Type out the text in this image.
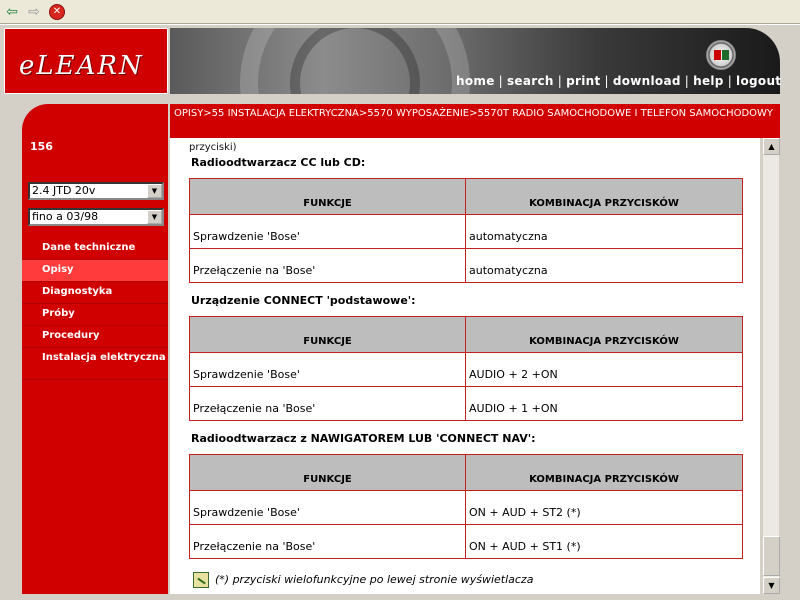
⇦ ⇨	✕
eLEARN	home | search | print | download | help | logout
OPISY>55 INSTALACJA ELEKTRYCZNA>5570 WYPOSAŻENIE>5570T RADIO SAMOCHODOWE I TELEFON SAMOCHODOWY
156
2.4 JTD 20v	▼
fino a 03/98	▼
Dane techniczne
Opisy
Diagnostyka
Próby
Procedury
Instalacja elektryczna
przyciski)
Radioodtwarzacz CC lub CD:
FUNKCJE	KOMBINACJA PRZYCISKÓW
Sprawdzenie 'Bose'	automatyczna
Przełączenie na 'Bose'	automatyczna
Urządzenie CONNECT 'podstawowe':
FUNKCJE	KOMBINACJA PRZYCISKÓW
Sprawdzenie 'Bose'	AUDIO + 2 +ON
Przełączenie na 'Bose'	AUDIO + 1 +ON
Radioodtwarzacz z NAWIGATOREM LUB 'CONNECT NAV':
FUNKCJE	KOMBINACJA PRZYCISKÓW
Sprawdzenie 'Bose'	ON + AUD + ST2 (*)
Przełączenie na 'Bose'	ON + AUD + ST1 (*)
(*) przyciski wielofunkcyjne po lewej stronie wyświetlacza
▲
▼
